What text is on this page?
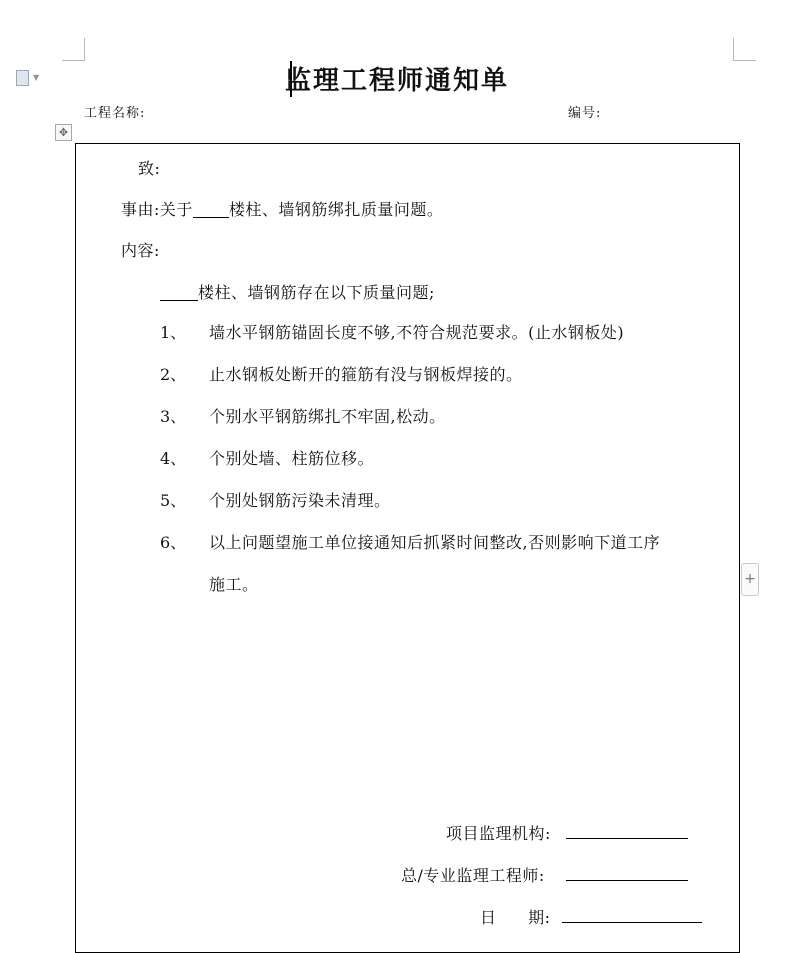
▼	监理工程师通知单
工程名称:	编号:
✥
致:
事由:关于 楼柱、墙钢筋绑扎质量问题。
内容:
楼柱、墙钢筋存在以下质量问题;
1、 墙水平钢筋锚固长度不够,不符合规范要求。(止水钢板处)
2、 止水钢板处断开的箍筋有没与钢板焊接的。
3、 个别水平钢筋绑扎不牢固,松动。
4、 个别处墙、柱筋位移。
5、 个别处钢筋污染未清理。
6、 以上问题望施工单位接通知后抓紧时间整改,否则影响下道工序
施工。	+
项目监理机构:
总/专业监理工程师:
日 期:
